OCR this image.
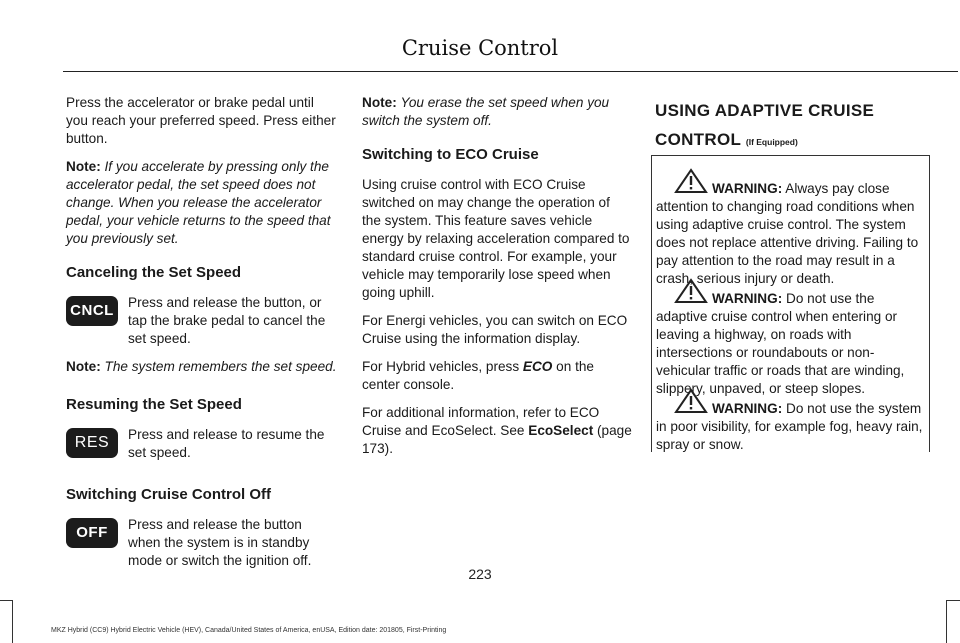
Cruise Control

Press the accelerator or brake pedal until you reach your preferred speed. Press either button.

Note: If you accelerate by pressing only the accelerator pedal, the set speed does not change. When you release the accelerator pedal, your vehicle returns to the speed that you previously set.

Canceling the Set Speed
CNCL	Press and release the button, or tap the brake pedal to cancel the set speed.

Note: The system remembers the set speed.

Resuming the Set Speed
RES	Press and release to resume the set speed.
Switching Cruise Control Off
OFF	Press and release the button when the system is in standby mode or switch the ignition off.

Note: You erase the set speed when you switch the system off.

Switching to ECO Cruise

Using cruise control with ECO Cruise switched on may change the operation of the system. This feature saves vehicle energy by relaxing acceleration compared to standard cruise control. For example, your vehicle may temporarily lose speed when going uphill.

For Energi vehicles, you can switch on ECO Cruise using the information display.

For Hybrid vehicles, press ECO on the center console.

For additional information, refer to ECO Cruise and EcoSelect. See EcoSelect (page 173).

USING ADAPTIVE CRUISE
CONTROL (If Equipped)
WARNING: Always pay close attention to changing road conditions when using adaptive cruise control. The system does not replace attentive driving. Failing to pay attention to the road may result in a crash, serious injury or death.
WARNING: Do not use the adaptive cruise control when entering or leaving a highway, on roads with intersections or roundabouts or non-vehicular traffic or roads that are winding, slippery, unpaved, or steep slopes.
WARNING: Do not use the system in poor visibility, for example fog, heavy rain, spray or snow.
223
MKZ Hybrid (CC9) Hybrid Electric Vehicle (HEV), Canada/United States of America, enUSA, Edition date: 201805, First-Printing
